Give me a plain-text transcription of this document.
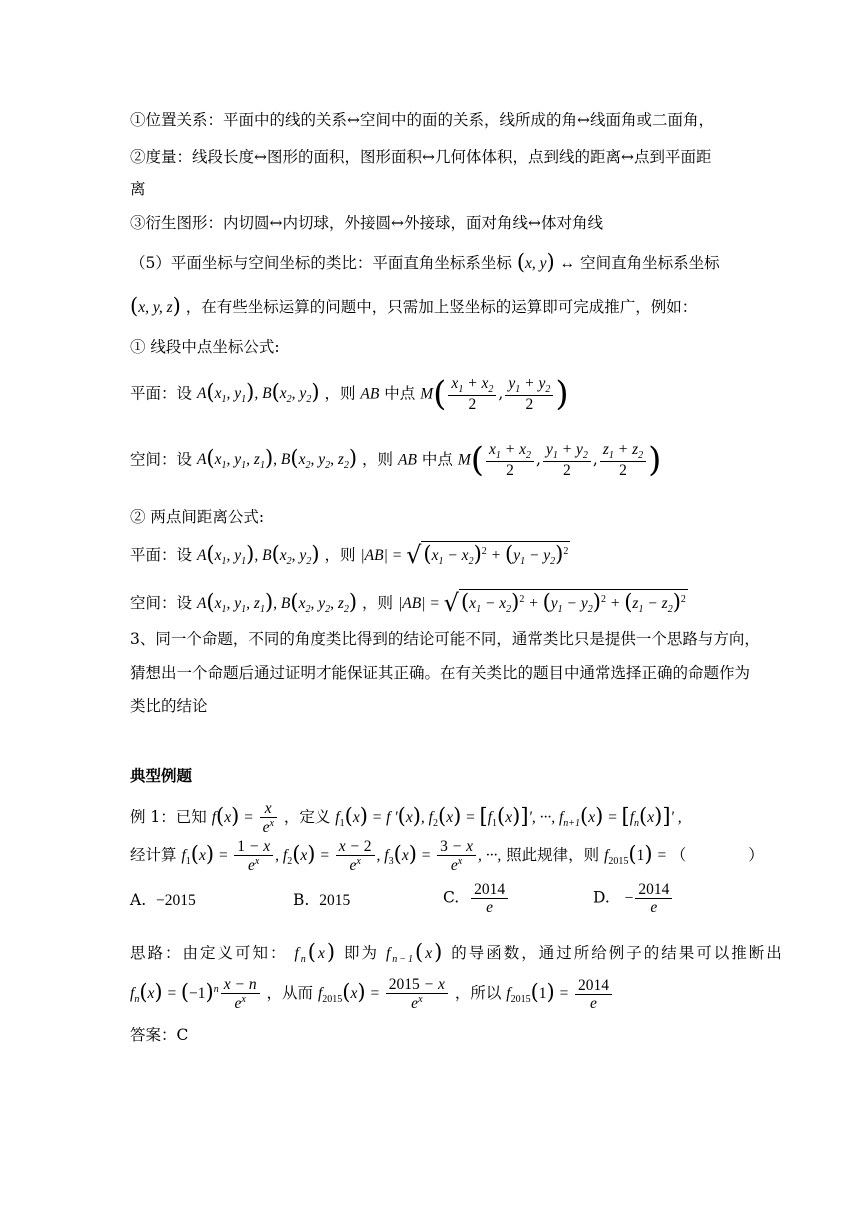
①位置关系：平面中的线的关系↔空间中的面的关系，线所成的角↔线面角或二面角，
②度量：线段长度↔图形的面积，图形面积↔几何体体积，点到线的距离↔点到平面距
离
③衍生图形：内切圆↔内切球，外接圆↔外接球，面对角线↔体对角线
（5）平面坐标与空间坐标的类比：平面直角坐标系坐标 (x, y) ↔ 空间直角坐标系坐标
(x, y, z) ，在有些坐标运算的问题中，只需加上竖坐标的运算即可完成推广，例如：
① 线段中点坐标公式:
平面：设 $A(x_1$, $y_1$), $B(x_2$, $y_2$) ，则 AB 中点 $M( \frac{x_1 + x_2}{2}$ , $\frac{y_1 + y_2}{2}$ )
空间：设 $A(x_1$, $y_1$, $z_1$), $B(x_2$, $y_2$, $z_2$) ，则 AB 中点 $M( \frac{x_1 + x_2}{2}$ , $\frac{y_1 + y_2}{2}$ , $\frac{z_1 + z_2}{2}$ )
② 两点间距离公式:
平面：设 $A(x_1$, $y_1$), $B(x_2$, $y_2$) ，则 $|AB| = √(x_1 - x_2)^2 + (y_1 - y_2)^2$
空间：设 $A(x_1$, $y_1$, $z_1$), $B(x_2$, $y_2$, $z_2$) ，则 $|AB| = √(x_1 - x_2)^2 + (y_1 - y_2)^2 + (z_1 - z_2)^2$
3、同一个命题，不同的角度类比得到的结论可能不同，通常类比只是提供一个思路与方向，
猜想出一个命题后通过证明才能保证其正确。在有关类比的题目中通常选择正确的命题作为
类比的结论
典型例题
例 1：已知 $f(x) = \frac{x}{e^x}$ ，定义 $f_1(x) = f$ '(x), $f_2(x) = [f_1(x)]'$, ···, $f_{n+1}(x) = [f_n(x)]'$ ,
经计算 $f_1(x) = \frac{1 - x}{e^x}$ , $f_2(x) = \frac{x - 2}{e^x}$ , $f_3(x) = \frac{3 - x}{e^x}$ , ···, 照此规律，则 $f_{2015}(1)$ = （　　　　）
A. −2015	B. 2015	C. $\frac{2014}{e}$	D. − $\frac{2014}{e}$
思路：由定义可知： $f_n(x)$ 即为 $f_{n-1}(x)$ 的导函数，通过所给例子的结果可以推断出
$f_n(x) = (-1)^n \frac{x - n}{e^x}$ ，从而 $f_{2015}(x) = \frac{2015 - x}{e^x}$ ，所以 $f_{2015}(1) = \frac{2014}{e}$
答案：C
